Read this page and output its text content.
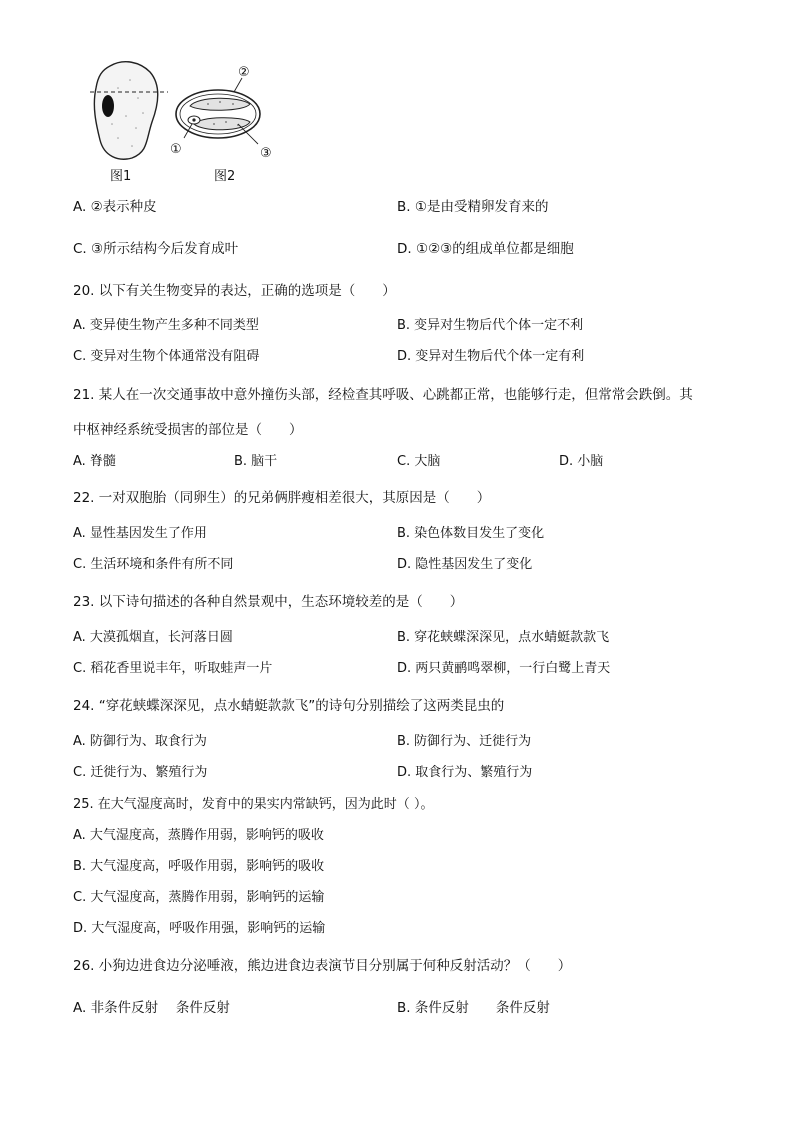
②
①	③
图1	图2
A. ②表示种皮	B. ①是由受精卵发育来的
C. ③所示结构今后发育成叶	D. ①②③的组成单位都是细胞
20. 以下有关生物变异的表达，正确的选项是（　　）
A. 变异使生物产生多种不同类型	B. 变异对生物后代个体一定不利
C. 变异对生物个体通常没有阻碍	D. 变异对生物后代个体一定有利
21. 某人在一次交通事故中意外撞伤头部，经检查其呼吸、心跳都正常，也能够行走，但常常会跌倒。其
中枢神经系统受损害的部位是（　　）
A. 脊髓	B. 脑干	C. 大脑	D. 小脑
22. 一对双胞胎（同卵生）的兄弟俩胖瘦相差很大，其原因是（　　）
A. 显性基因发生了作用	B. 染色体数目发生了变化
C. 生活环境和条件有所不同	D. 隐性基因发生了变化
23. 以下诗句描述的各种自然景观中，生态环境较差的是（　　）
A. 大漠孤烟直，长河落日圆	B. 穿花蛱蝶深深见，点水蜻蜓款款飞
C. 稻花香里说丰年，听取蛙声一片	D. 两只黄鹂鸣翠柳，一行白鹭上青天
24. “穿花蛱蝶深深见，点水蜻蜓款款飞”的诗句分别描绘了这两类昆虫的
A. 防御行为、取食行为	B. 防御行为、迁徙行为
C. 迁徙行为、繁殖行为	D. 取食行为、繁殖行为
25. 在大气湿度高时，发育中的果实内常缺钙，因为此时（ ）。
A. 大气湿度高，蒸腾作用弱，影响钙的吸收
B. 大气湿度高，呼吸作用弱，影响钙的吸收
C. 大气湿度高，蒸腾作用弱，影响钙的运输
D. 大气湿度高，呼吸作用强，影响钙的运输
26. 小狗边进食边分泌唾液，熊边进食边表演节目分别属于何种反射活动？（　　）
A. 非条件反射　 条件反射	B. 条件反射　　条件反射
